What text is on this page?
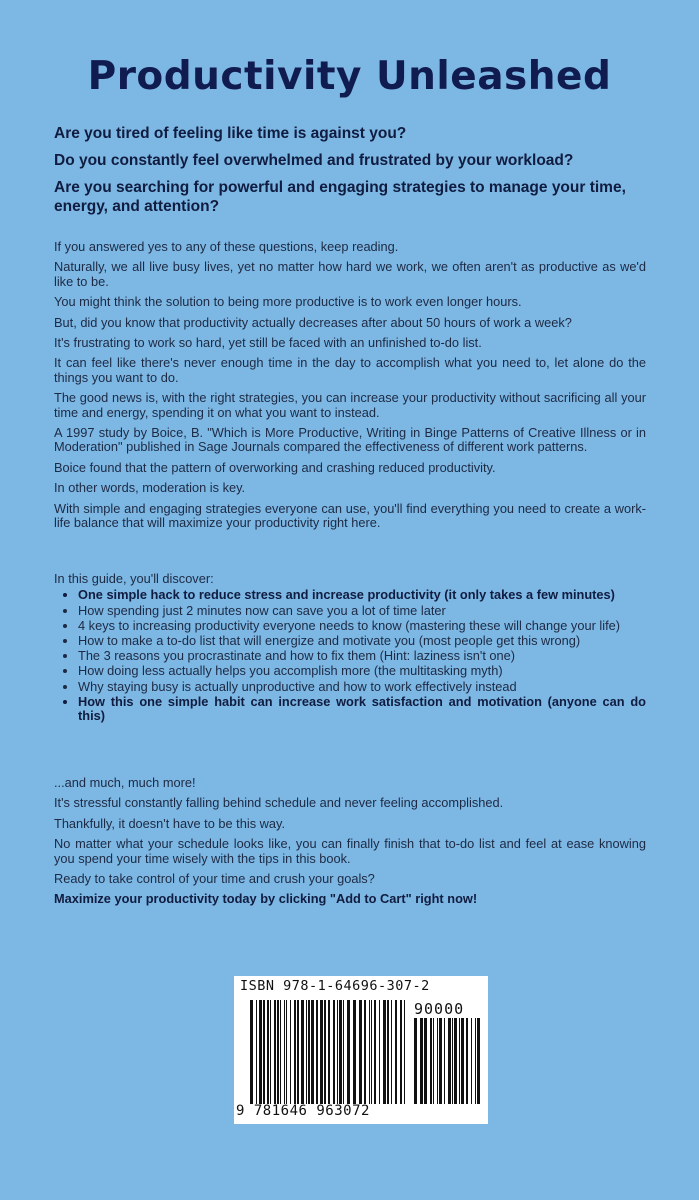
Productivity Unleashed

Are you tired of feeling like time is against you?

Do you constantly feel overwhelmed and frustrated by your workload?

Are you searching for powerful and engaging strategies to manage your time, energy, and attention?

If you answered yes to any of these questions, keep reading.

Naturally, we all live busy lives, yet no matter how hard we work, we often aren't as productive as we'd like to be.

You might think the solution to being more productive is to work even longer hours.

But, did you know that productivity actually decreases after about 50 hours of work a week?

It's frustrating to work so hard, yet still be faced with an unfinished to-do list.

It can feel like there's never enough time in the day to accomplish what you need to, let alone do the things you want to do.

The good news is, with the right strategies, you can increase your productivity without sacrificing all your time and energy, spending it on what you want to instead.

A 1997 study by Boice, B. "Which is More Productive, Writing in Binge Patterns of Creative Illness or in Moderation" published in Sage Journals compared the effectiveness of different work patterns.

Boice found that the pattern of overworking and crashing reduced productivity.

In other words, moderation is key.

With simple and engaging strategies everyone can use, you'll find everything you need to create a work-life balance that will maximize your productivity right here.

In this guide, you'll discover:

• One simple hack to reduce stress and increase productivity (it only takes a few minutes)
• How spending just 2 minutes now can save you a lot of time later
• 4 keys to increasing productivity everyone needs to know (mastering these will change your life)
• How to make a to-do list that will energize and motivate you (most people get this wrong)
• The 3 reasons you procrastinate and how to fix them (Hint: laziness isn't one)
• How doing less actually helps you accomplish more (the multitasking myth)
• Why staying busy is actually unproductive and how to work effectively instead
• How this one simple habit can increase work satisfaction and motivation (anyone can do this)

...and much, much more!

It's stressful constantly falling behind schedule and never feeling accomplished.

Thankfully, it doesn't have to be this way.

No matter what your schedule looks like, you can finally finish that to-do list and feel at ease knowing you spend your time wisely with the tips in this book.

Ready to take control of your time and crush your goals?

Maximize your productivity today by clicking "Add to Cart" right now!

ISBN 978-1-64696-307-2
90000
9 781646 963072
